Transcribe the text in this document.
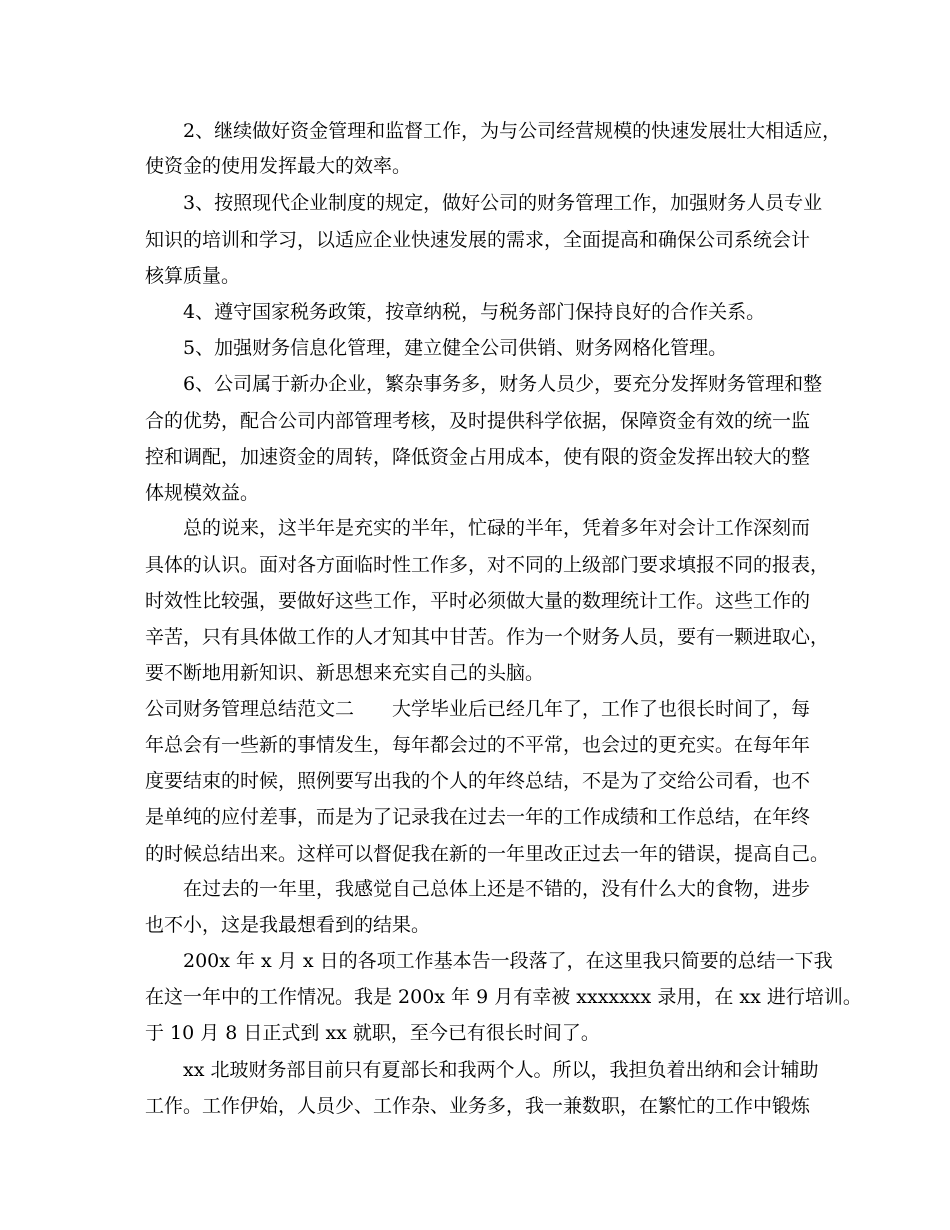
2、继续做好资金管理和监督工作，为与公司经营规模的快速发展壮大相适应，
使资金的使用发挥最大的效率。
3、按照现代企业制度的规定，做好公司的财务管理工作，加强财务人员专业
知识的培训和学习，以适应企业快速发展的需求，全面提高和确保公司系统会计
核算质量。
4、遵守国家税务政策，按章纳税，与税务部门保持良好的合作关系。
5、加强财务信息化管理，建立健全公司供销、财务网格化管理。
6、公司属于新办企业，繁杂事务多，财务人员少，要充分发挥财务管理和整
合的优势，配合公司内部管理考核，及时提供科学依据，保障资金有效的统一监
控和调配，加速资金的周转，降低资金占用成本，使有限的资金发挥出较大的整
体规模效益。
总的说来，这半年是充实的半年，忙碌的半年，凭着多年对会计工作深刻而
具体的认识。面对各方面临时性工作多，对不同的上级部门要求填报不同的报表，
时效性比较强，要做好这些工作，平时必须做大量的数理统计工作。这些工作的
辛苦，只有具体做工作的人才知其中甘苦。作为一个财务人员，要有一颗进取心，
要不断地用新知识、新思想来充实自己的头脑。
公司财务管理总结范文二　　大学毕业后已经几年了，工作了也很长时间了，每
年总会有一些新的事情发生，每年都会过的不平常，也会过的更充实。在每年年
度要结束的时候，照例要写出我的个人的年终总结，不是为了交给公司看，也不
是单纯的应付差事，而是为了记录我在过去一年的工作成绩和工作总结，在年终
的时候总结出来。这样可以督促我在新的一年里改正过去一年的错误，提高自己。
在过去的一年里，我感觉自己总体上还是不错的，没有什么大的食物，进步
也不小，这是我最想看到的结果。
200x 年 x 月 x 日的各项工作基本告一段落了，在这里我只简要的总结一下我
在这一年中的工作情况。我是 200x 年 9 月有幸被 xxxxxxx 录用，在 xx 进行培训。
于 10 月 8 日正式到 xx 就职，至今已有很长时间了。
xx 北玻财务部目前只有夏部长和我两个人。所以，我担负着出纳和会计辅助
工作。工作伊始，人员少、工作杂、业务多，我一兼数职，在繁忙的工作中锻炼
